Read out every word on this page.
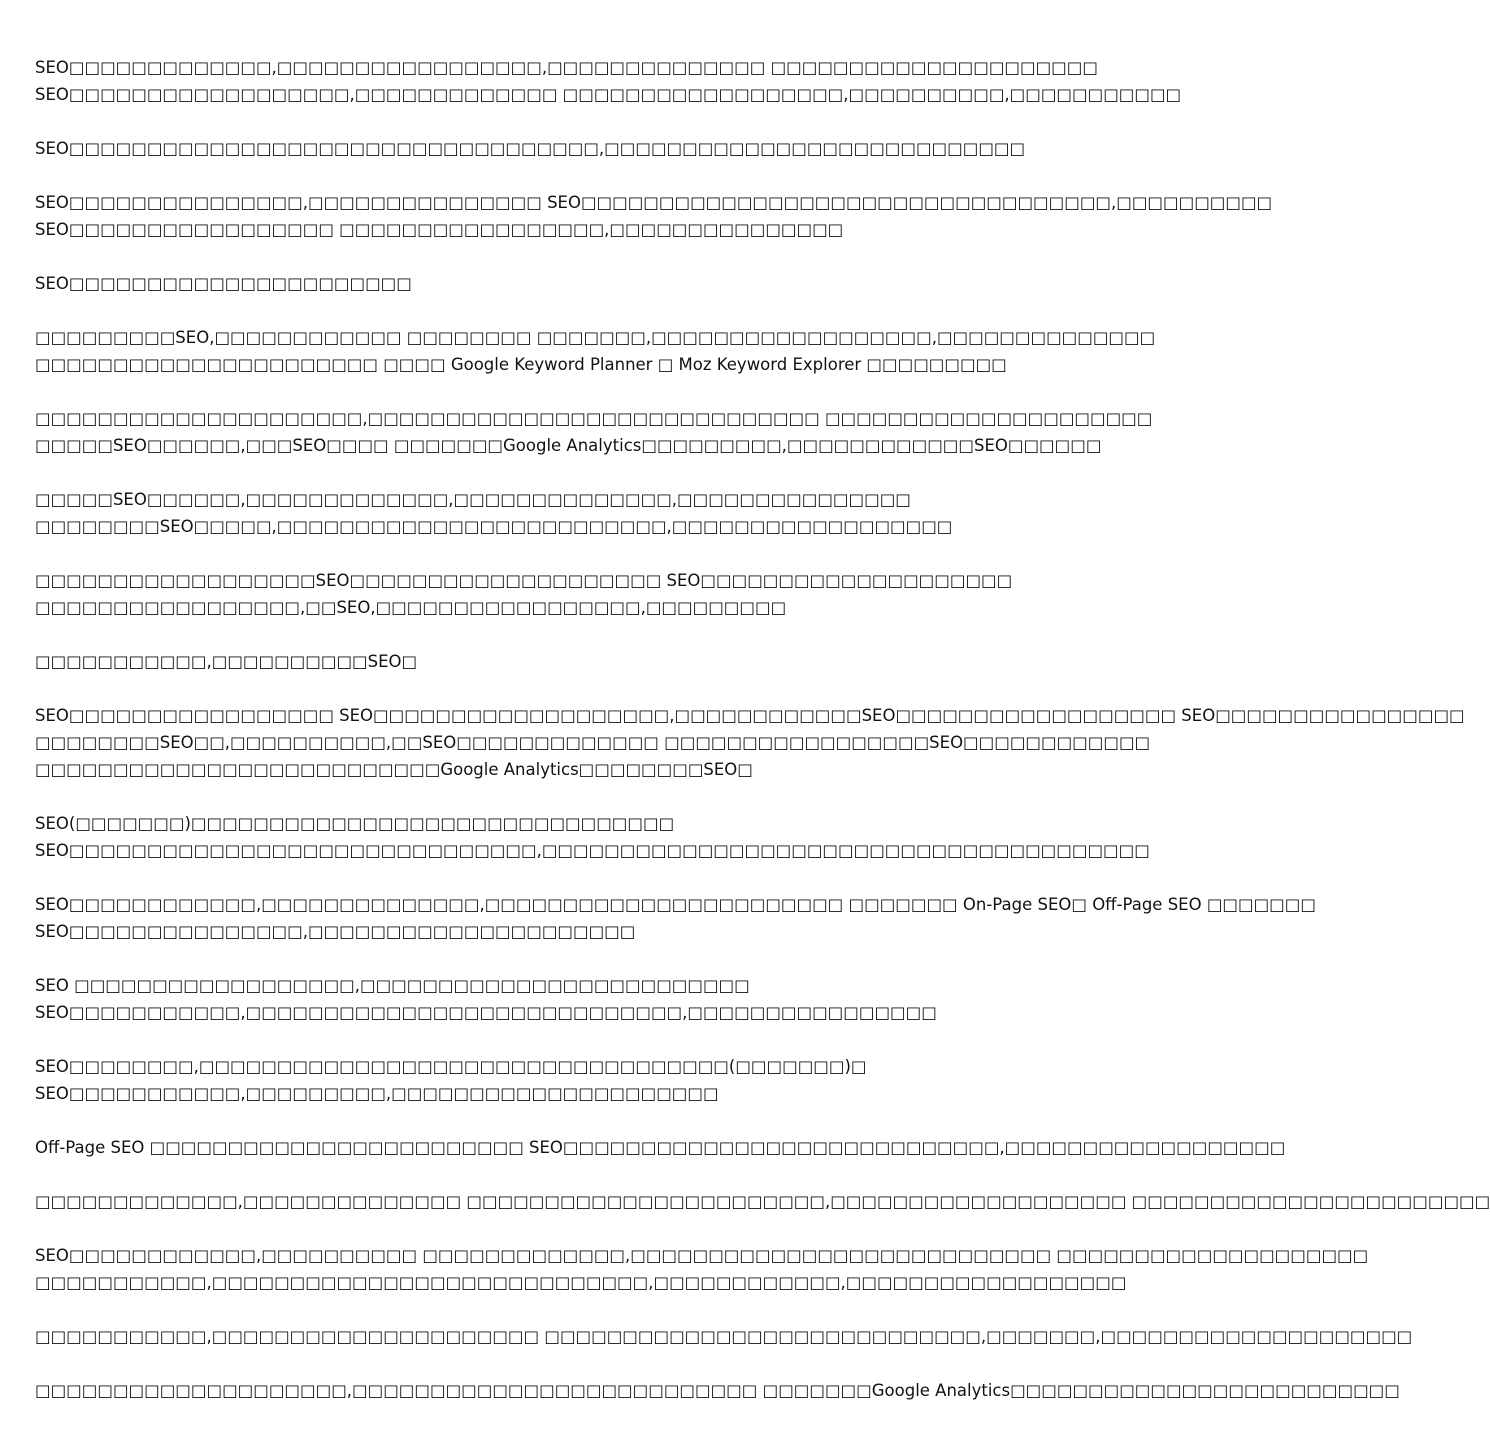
SEO□□□□□□□□□□□□□,□□□□□□□□□□□□□□□□□,□□□□□□□□□□□□□□ □□□□□□□□□□□□□□□□□□□□□
SEO□□□□□□□□□□□□□□□□□□,□□□□□□□□□□□□□ □□□□□□□□□□□□□□□□□□,□□□□□□□□□□,□□□□□□□□□□□

SEO□□□□□□□□□□□□□□□□□□□□□□□□□□□□□□□□□□,□□□□□□□□□□□□□□□□□□□□□□□□□□□

SEO□□□□□□□□□□□□□□□,□□□□□□□□□□□□□□□ SEO□□□□□□□□□□□□□□□□□□□□□□□□□□□□□□□□□□,□□□□□□□□□□
SEO□□□□□□□□□□□□□□□□□ □□□□□□□□□□□□□□□□□,□□□□□□□□□□□□□□□

SEO□□□□□□□□□□□□□□□□□□□□□□

□□□□□□□□□SEO,□□□□□□□□□□□□ □□□□□□□□ □□□□□□□,□□□□□□□□□□□□□□□□□□,□□□□□□□□□□□□□□
□□□□□□□□□□□□□□□□□□□□□□ □□□□ Google Keyword Planner □ Moz Keyword Explorer □□□□□□□□□

□□□□□□□□□□□□□□□□□□□□□,□□□□□□□□□□□□□□□□□□□□□□□□□□□□□ □□□□□□□□□□□□□□□□□□□□□
□□□□□SEO□□□□□□,□□□SEO□□□□ □□□□□□□Google Analytics□□□□□□□□□,□□□□□□□□□□□□SEO□□□□□□

□□□□□SEO□□□□□□,□□□□□□□□□□□□□,□□□□□□□□□□□□□□,□□□□□□□□□□□□□□□
□□□□□□□□SEO□□□□□,□□□□□□□□□□□□□□□□□□□□□□□□□,□□□□□□□□□□□□□□□□□□

□□□□□□□□□□□□□□□□□□SEO□□□□□□□□□□□□□□□□□□□□ SEO□□□□□□□□□□□□□□□□□□□□
□□□□□□□□□□□□□□□□□,□□SEO,□□□□□□□□□□□□□□□□□,□□□□□□□□□

□□□□□□□□□□□,□□□□□□□□□□SEO□

SEO□□□□□□□□□□□□□□□□□ SEO□□□□□□□□□□□□□□□□□□□,□□□□□□□□□□□□SEO□□□□□□□□□□□□□□□□□□ SEO□□□□□□□□□□□□□□□□
□□□□□□□□SEO□□,□□□□□□□□□□,□□SEO□□□□□□□□□□□□□ □□□□□□□□□□□□□□□□□SEO□□□□□□□□□□□□
□□□□□□□□□□□□□□□□□□□□□□□□□□Google Analytics□□□□□□□□SEO□

SEO(□□□□□□□)□□□□□□□□□□□□□□□□□□□□□□□□□□□□□□□
SEO□□□□□□□□□□□□□□□□□□□□□□□□□□□□□□,□□□□□□□□□□□□□□□□□□□□□□□□□□□□□□□□□□□□□□□

SEO□□□□□□□□□□□□,□□□□□□□□□□□□□□,□□□□□□□□□□□□□□□□□□□□□□□ □□□□□□□ On-Page SEO□ Off-Page SEO □□□□□□□
SEO□□□□□□□□□□□□□□□,□□□□□□□□□□□□□□□□□□□□□

SEO □□□□□□□□□□□□□□□□□□,□□□□□□□□□□□□□□□□□□□□□□□□□
SEO□□□□□□□□□□□,□□□□□□□□□□□□□□□□□□□□□□□□□□□□,□□□□□□□□□□□□□□□□

SEO□□□□□□□□,□□□□□□□□□□□□□□□□□□□□□□□□□□□□□□□□□□(□□□□□□□)□
SEO□□□□□□□□□□□,□□□□□□□□□,□□□□□□□□□□□□□□□□□□□□□

Off-Page SEO □□□□□□□□□□□□□□□□□□□□□□□□ SEO□□□□□□□□□□□□□□□□□□□□□□□□□□□□,□□□□□□□□□□□□□□□□□□

□□□□□□□□□□□□□,□□□□□□□□□□□□□□ □□□□□□□□□□□□□□□□□□□□□□□,□□□□□□□□□□□□□□□□□□□ □□□□□□□□□□□□□□□□□□□□□□□

SEO□□□□□□□□□□□□,□□□□□□□□□□ □□□□□□□□□□□□□,□□□□□□□□□□□□□□□□□□□□□□□□□□□ □□□□□□□□□□□□□□□□□□□□
□□□□□□□□□□□,□□□□□□□□□□□□□□□□□□□□□□□□□□□□,□□□□□□□□□□□□,□□□□□□□□□□□□□□□□□□

□□□□□□□□□□□,□□□□□□□□□□□□□□□□□□□□□ □□□□□□□□□□□□□□□□□□□□□□□□□□□□,□□□□□□□,□□□□□□□□□□□□□□□□□□□□

□□□□□□□□□□□□□□□□□□□□,□□□□□□□□□□□□□□□□□□□□□□□□□□ □□□□□□□Google Analytics□□□□□□□□□□□□□□□□□□□□□□□□□
